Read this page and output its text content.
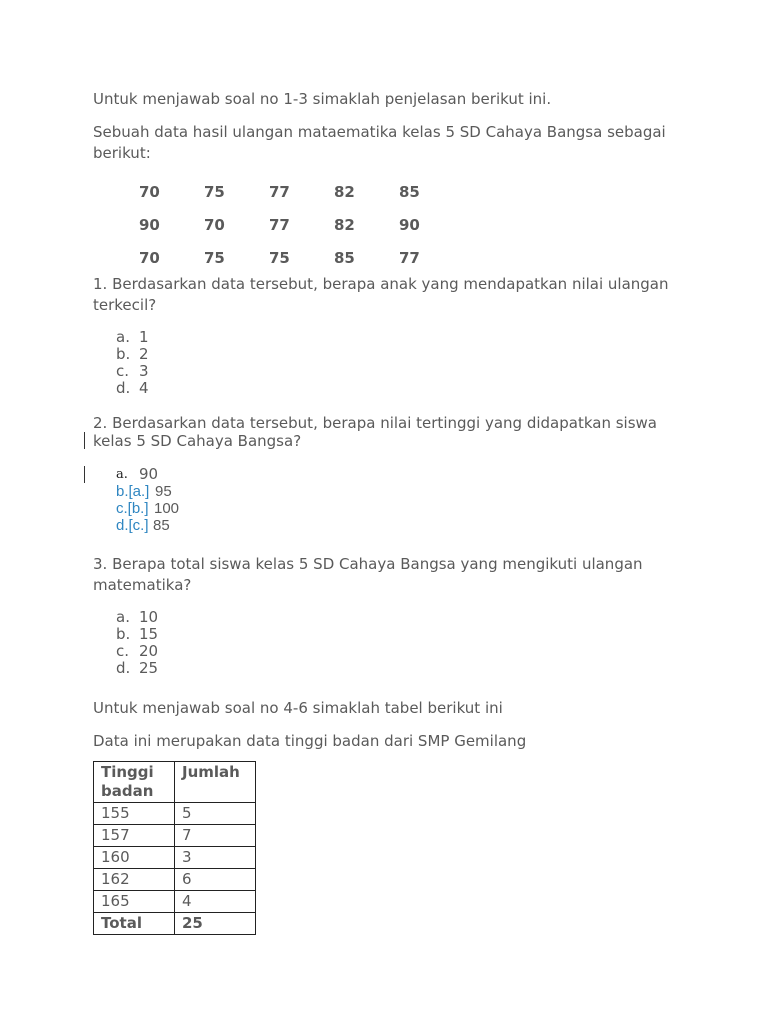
Untuk menjawab soal no 1-3 simaklah penjelasan berikut ini.

Sebuah data hasil ulangan mataematika kelas 5 SD Cahaya Bangsa sebagai berikut:

70	75	77	82	85
90	70	77	82	90
70	75	75	85	77

1. Berdasarkan data tersebut, berapa anak yang mendapatkan nilai ulangan terkecil?

a. 1
b. 2
c. 3
d. 4

2. Berdasarkan data tersebut, berapa nilai tertinggi yang didapatkan siswa kelas 5 SD Cahaya Bangsa?

a. 90
b.[a.] 95
c.[b.] 100
d.[c.] 85

3. Berapa total siswa kelas 5 SD Cahaya Bangsa yang mengikuti ulangan matematika?

a. 10
b. 15
c. 20
d. 25

Untuk menjawab soal no 4-6 simaklah tabel berikut ini

Data ini merupakan data tinggi badan dari SMP Gemilang

Tinggi badan	Jumlah
155	5
157	7
160	3
162	6
165	4
Total	25
